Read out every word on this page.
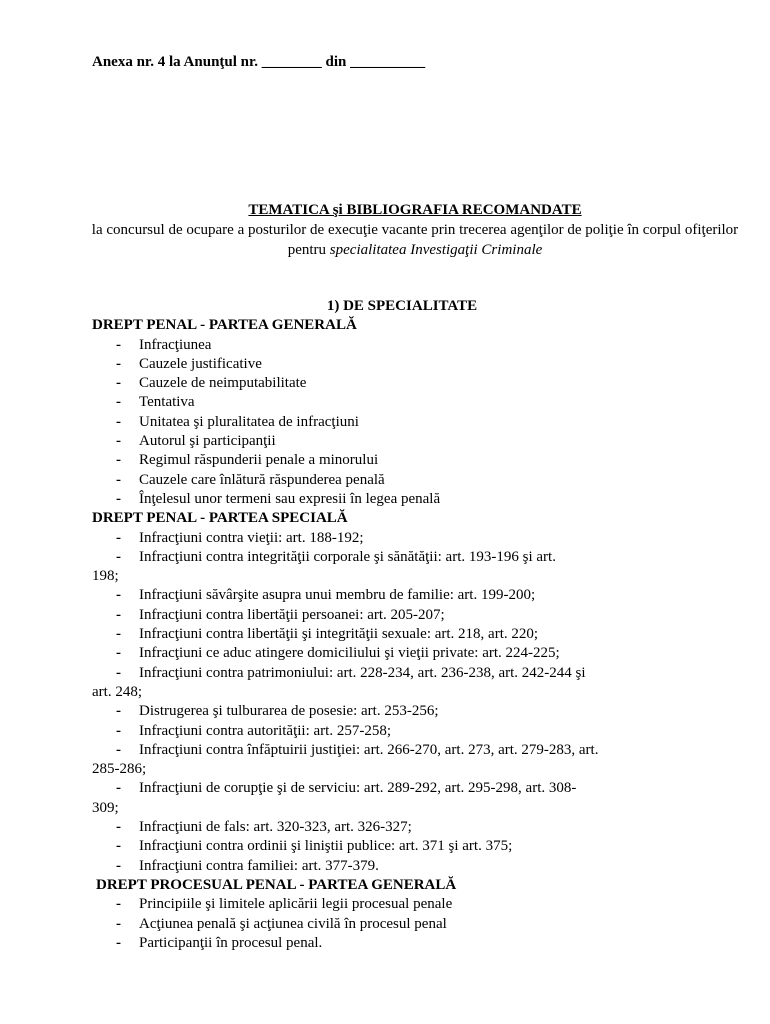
Anexa nr. 4 la Anunţul nr. ________ din __________
TEMATICA şi BIBLIOGRAFIA RECOMANDATE
la concursul de ocupare a posturilor de execuţie vacante prin trecerea agenţilor de poliţie în corpul ofiţerilor pentru specialitatea Investigaţii Criminale
1) DE SPECIALITATE
DREPT PENAL - PARTEA GENERALĂ
- Infracţiunea
- Cauzele justificative
- Cauzele de neimputabilitate
- Tentativa
- Unitatea şi pluralitatea de infracţiuni
- Autorul şi participanţii
- Regimul răspunderii penale a minorului
- Cauzele care înlătură răspunderea penală
- Înţelesul unor termeni sau expresii în legea penală
DREPT PENAL - PARTEA SPECIALĂ
- Infracţiuni contra vieţii: art. 188-192;
- Infracţiuni contra integrităţii corporale şi sănătăţii: art. 193-196 şi art.
198;
- Infracţiuni săvârşite asupra unui membru de familie: art. 199-200;
- Infracţiuni contra libertăţii persoanei: art. 205-207;
- Infracţiuni contra libertăţii şi integrităţii sexuale: art. 218, art. 220;
- Infracţiuni ce aduc atingere domiciliului şi vieţii private: art. 224-225;
- Infracţiuni contra patrimoniului: art. 228-234, art. 236-238, art. 242-244 şi
art. 248;
- Distrugerea şi tulburarea de posesie: art. 253-256;
- Infracţiuni contra autorităţii: art. 257-258;
- Infracţiuni contra înfăptuirii justiţiei: art. 266-270, art. 273, art. 279-283, art.
285-286;
- Infracţiuni de corupţie şi de serviciu: art. 289-292, art. 295-298, art. 308-
309;
- Infracţiuni de fals: art. 320-323, art. 326-327;
- Infracţiuni contra ordinii şi liniştii publice: art. 371 şi art. 375;
- Infracţiuni contra familiei: art. 377-379.
DREPT PROCESUAL PENAL - PARTEA GENERALĂ
- Principiile şi limitele aplicării legii procesual penale
- Acţiunea penală şi acţiunea civilă în procesul penal
- Participanţii în procesul penal.
